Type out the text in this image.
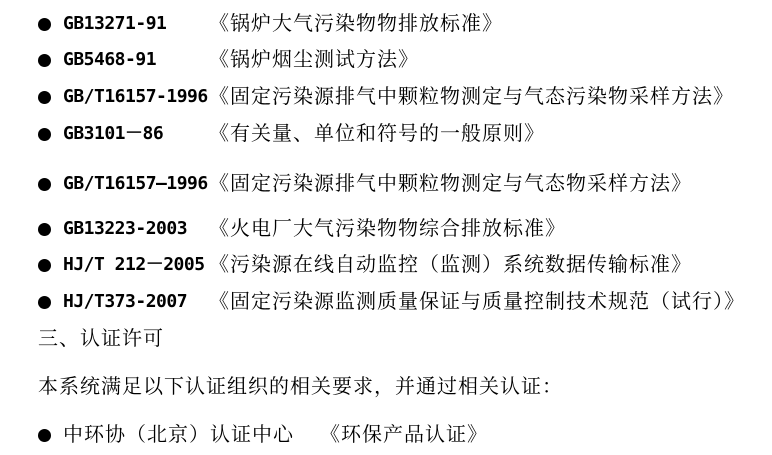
GB13271-91	《锅炉大气污染物物排放标准》
GB5468-91	《锅炉烟尘测试方法》
GB/T16157-1996 《固定污染源排气中颗粒物测定与气态污染物采样方法》
GB3101－86	《有关量、单位和符号的一般原则》
GB/T16157—1996 《固定污染源排气中颗粒物测定与气态物采样方法》
GB13223-2003	《火电厂大气污染物物综合排放标准》
HJ/T 212－2005 《污染源在线自动监控（监测）系统数据传输标准》
HJ/T373-2007	《固定污染源监测质量保证与质量控制技术规范（试行）》
三、认证许可
本系统满足以下认证组织的相关要求，并通过相关认证：
中环协（北京）认证中心 《环保产品认证》
